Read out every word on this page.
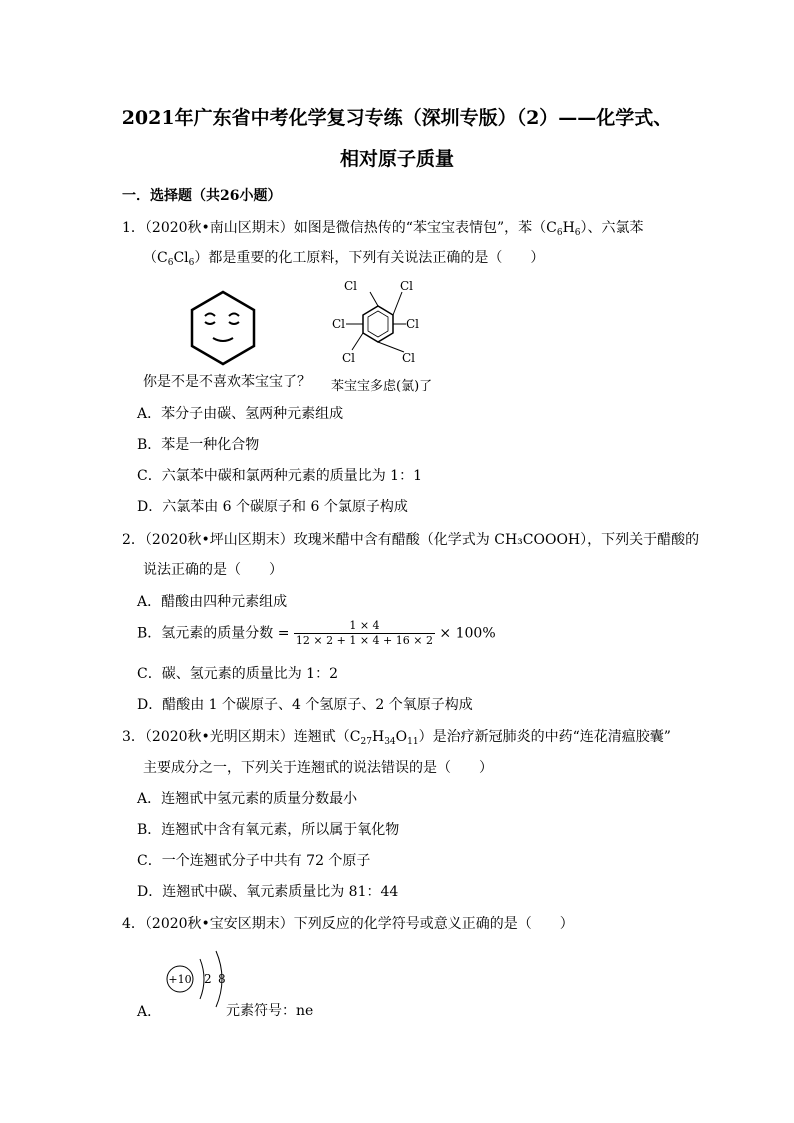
2021年广东省中考化学复习专练（深圳专版）（2）——化学式、
相对原子质量
一．选择题（共26小题）
1．（2020秋•南山区期末）如图是微信热传的“苯宝宝表情包”，苯$(C_6H_6)$、六氯苯
$(C_6Cl_6)$都是重要的化工原料，下列有关说法正确的是（　　）
Cl	Cl
Cl	Cl
Cl	Cl
你是不是不喜欢苯宝宝了？ 苯宝宝多虑(氯)了
A．苯分子由碳、氢两种元素组成
B．苯是一种化合物
C．六氯苯中碳和氯两种元素的质量比为 1：1
D．六氯苯由 6 个碳原子和 6 个氯原子构成
2．（2020秋•坪山区期末）玫瑰米醋中含有醋酸（化学式为 CH₃COOOH），下列关于醋酸的
说法正确的是（　　）
A．醋酸由四种元素组成
B．氢元素的质量分数 = $\frac{1 \times 4}{12 \times 2 + 1 \times 4 + 16 \times 2} \times 100\%$
C．碳、氢元素的质量比为 1：2
D．醋酸由 1 个碳原子、4 个氢原子、2 个氧原子构成
3．（2020秋•光明区期末）连翘甙$(C_{27}H_{34}O_{11})$是治疗新冠肺炎的中药“连花清瘟胶囊”
主要成分之一，下列关于连翘甙的说法错误的是（　　）
A．连翘甙中氢元素的质量分数最小
B．连翘甙中含有氧元素，所以属于氧化物
C．一个连翘甙分子中共有 72 个原子
D．连翘甙中碳、氧元素质量比为 81：44
4．（2020秋•宝安区期末）下列反应的化学符号或意义正确的是（　　）
+10 2 8
A．	元素符号：ne
